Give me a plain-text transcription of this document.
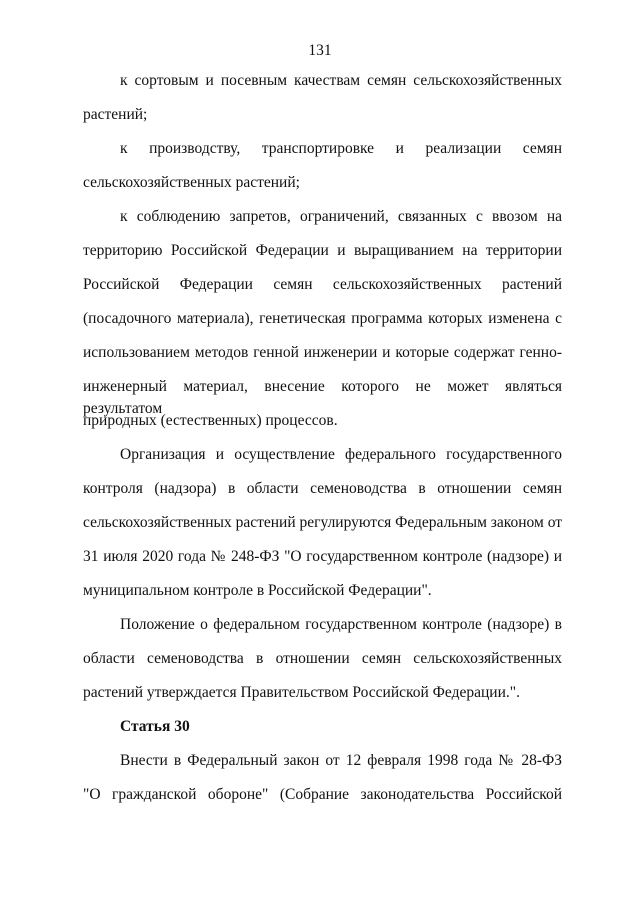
131
к сортовым и посевным качествам семян сельскохозяйственных
растений;
к производству, транспортировке и реализации семян
сельскохозяйственных растений;
к соблюдению запретов, ограничений, связанных с ввозом на
территорию Российской Федерации и выращиванием на территории
Российской Федерации семян сельскохозяйственных растений
(посадочного материала), генетическая программа которых изменена с
использованием методов генной инженерии и которые содержат генно-
инженерный материал, внесение которого не может являться результатом
природных (естественных) процессов.
Организация и осуществление федерального государственного
контроля (надзора) в области семеноводства в отношении семян
сельскохозяйственных растений регулируются Федеральным законом от
31 июля 2020 года № 248-ФЗ "О государственном контроле (надзоре) и
муниципальном контроле в Российской Федерации".
Положение о федеральном государственном контроле (надзоре) в
области семеноводства в отношении семян сельскохозяйственных
растений утверждается Правительством Российской Федерации.".
Статья 30
Внести в Федеральный закон от 12 февраля 1998 года № 28-ФЗ
"О гражданской обороне" (Собрание законодательства Российской
